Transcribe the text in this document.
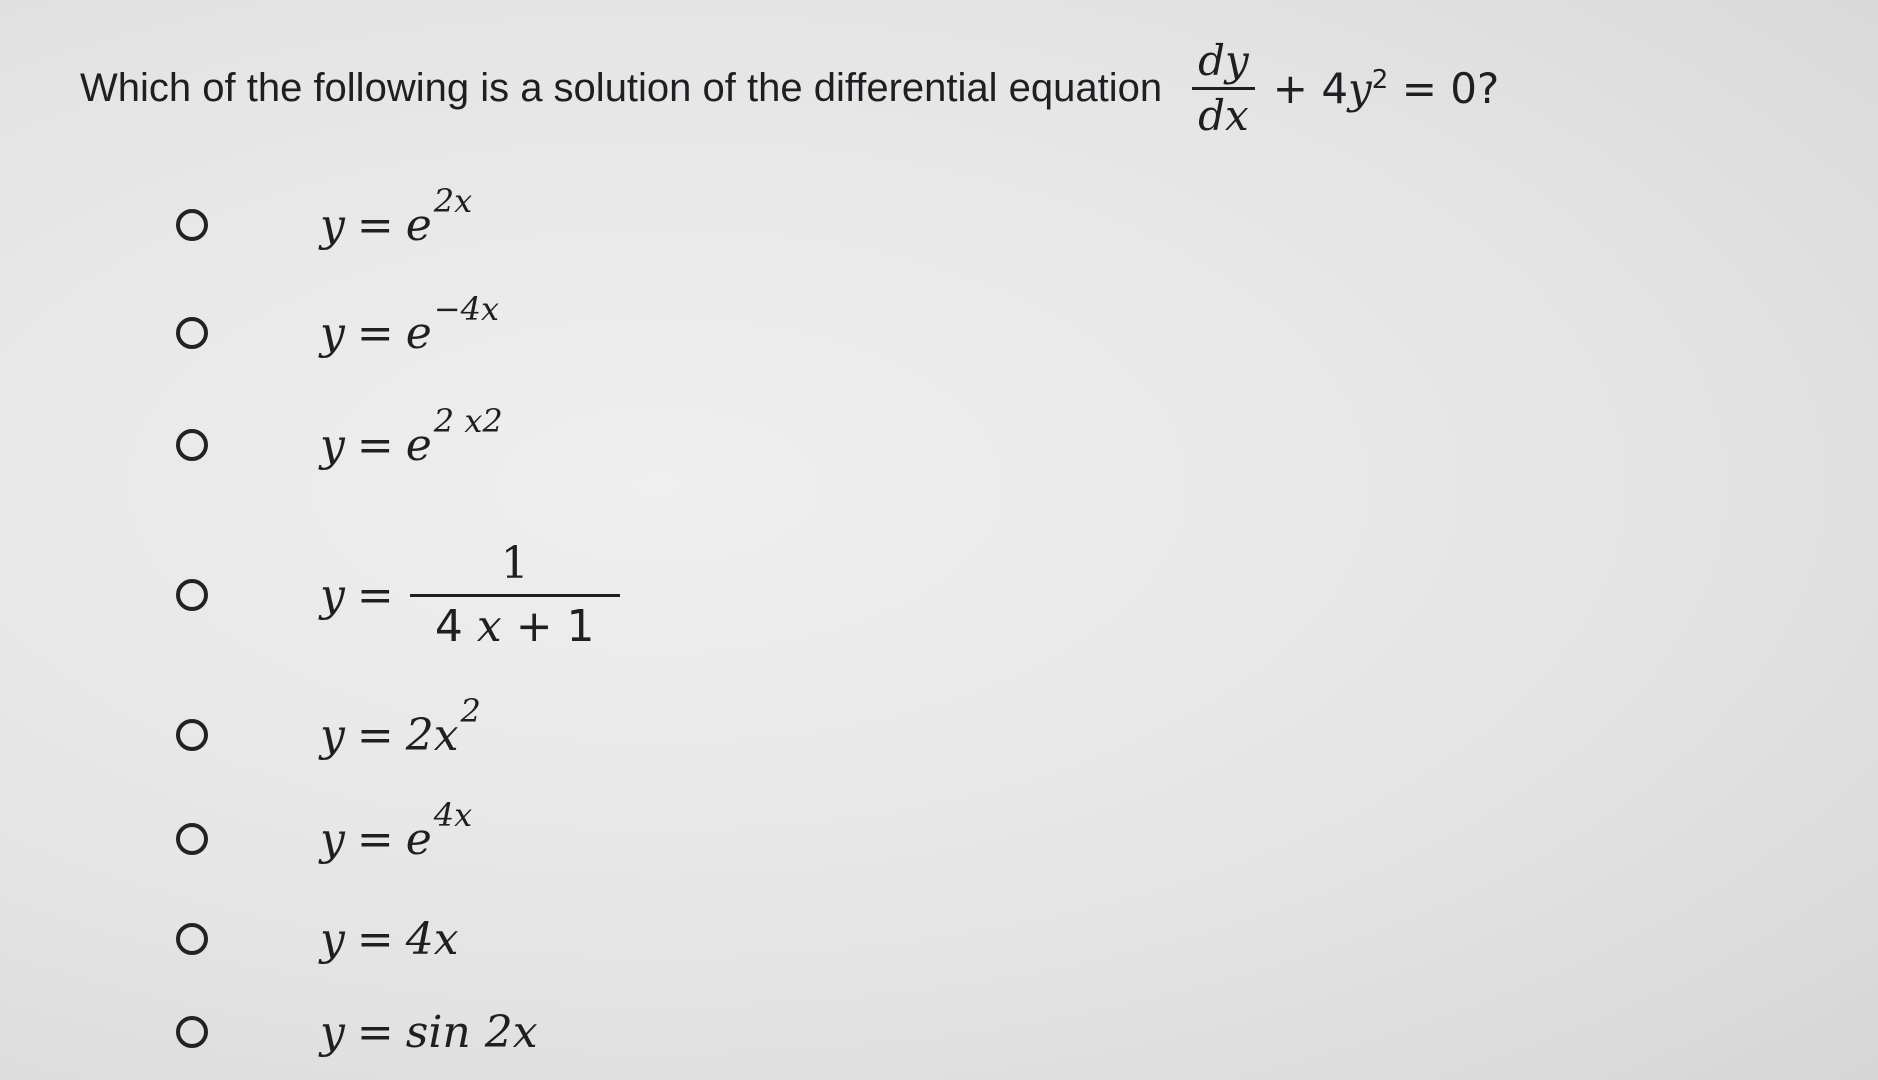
Which of the following is a solution of the differential equation $\frac{dy}{dx} + 4y^2 = 0$?
y = e 2x
y = e −4x
y = e 2 x2
$y = \frac{1}{4 x + 1}$
y = 2x 2
y = e 4x
y = 4x
y = sin 2x
